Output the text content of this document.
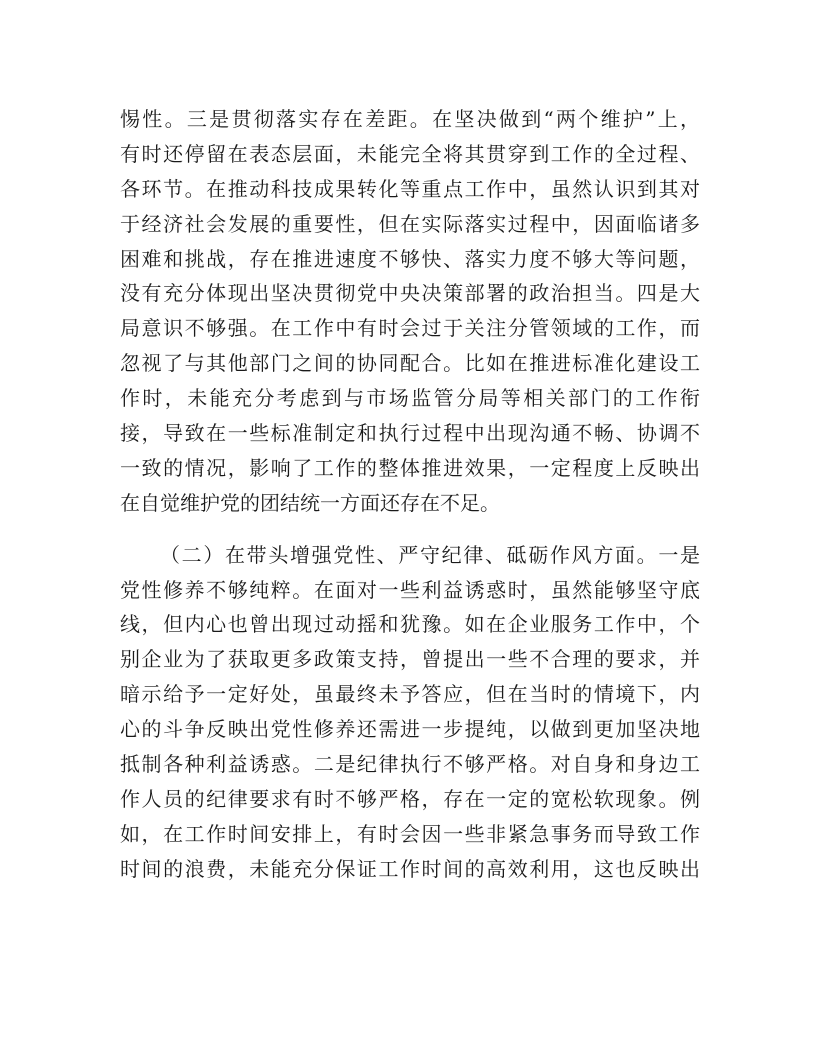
惕性。三是贯彻落实存在差距。在坚决做到“两个维护”上，
有时还停留在表态层面，未能完全将其贯穿到工作的全过程、
各环节。在推动科技成果转化等重点工作中，虽然认识到其对
于经济社会发展的重要性，但在实际落实过程中，因面临诸多
困难和挑战，存在推进速度不够快、落实力度不够大等问题，
没有充分体现出坚决贯彻党中央决策部署的政治担当。四是大
局意识不够强。在工作中有时会过于关注分管领域的工作，而
忽视了与其他部门之间的协同配合。比如在推进标准化建设工
作时，未能充分考虑到与市场监管分局等相关部门的工作衔
接，导致在一些标准制定和执行过程中出现沟通不畅、协调不
一致的情况，影响了工作的整体推进效果，一定程度上反映出
在自觉维护党的团结统一方面还存在不足。
（二）在带头增强党性、严守纪律、砥砺作风方面。一是
党性修养不够纯粹。在面对一些利益诱惑时，虽然能够坚守底
线，但内心也曾出现过动摇和犹豫。如在企业服务工作中，个
别企业为了获取更多政策支持，曾提出一些不合理的要求，并
暗示给予一定好处，虽最终未予答应，但在当时的情境下，内
心的斗争反映出党性修养还需进一步提纯，以做到更加坚决地
抵制各种利益诱惑。二是纪律执行不够严格。对自身和身边工
作人员的纪律要求有时不够严格，存在一定的宽松软现象。例
如，在工作时间安排上，有时会因一些非紧急事务而导致工作
时间的浪费，未能充分保证工作时间的高效利用，这也反映出
